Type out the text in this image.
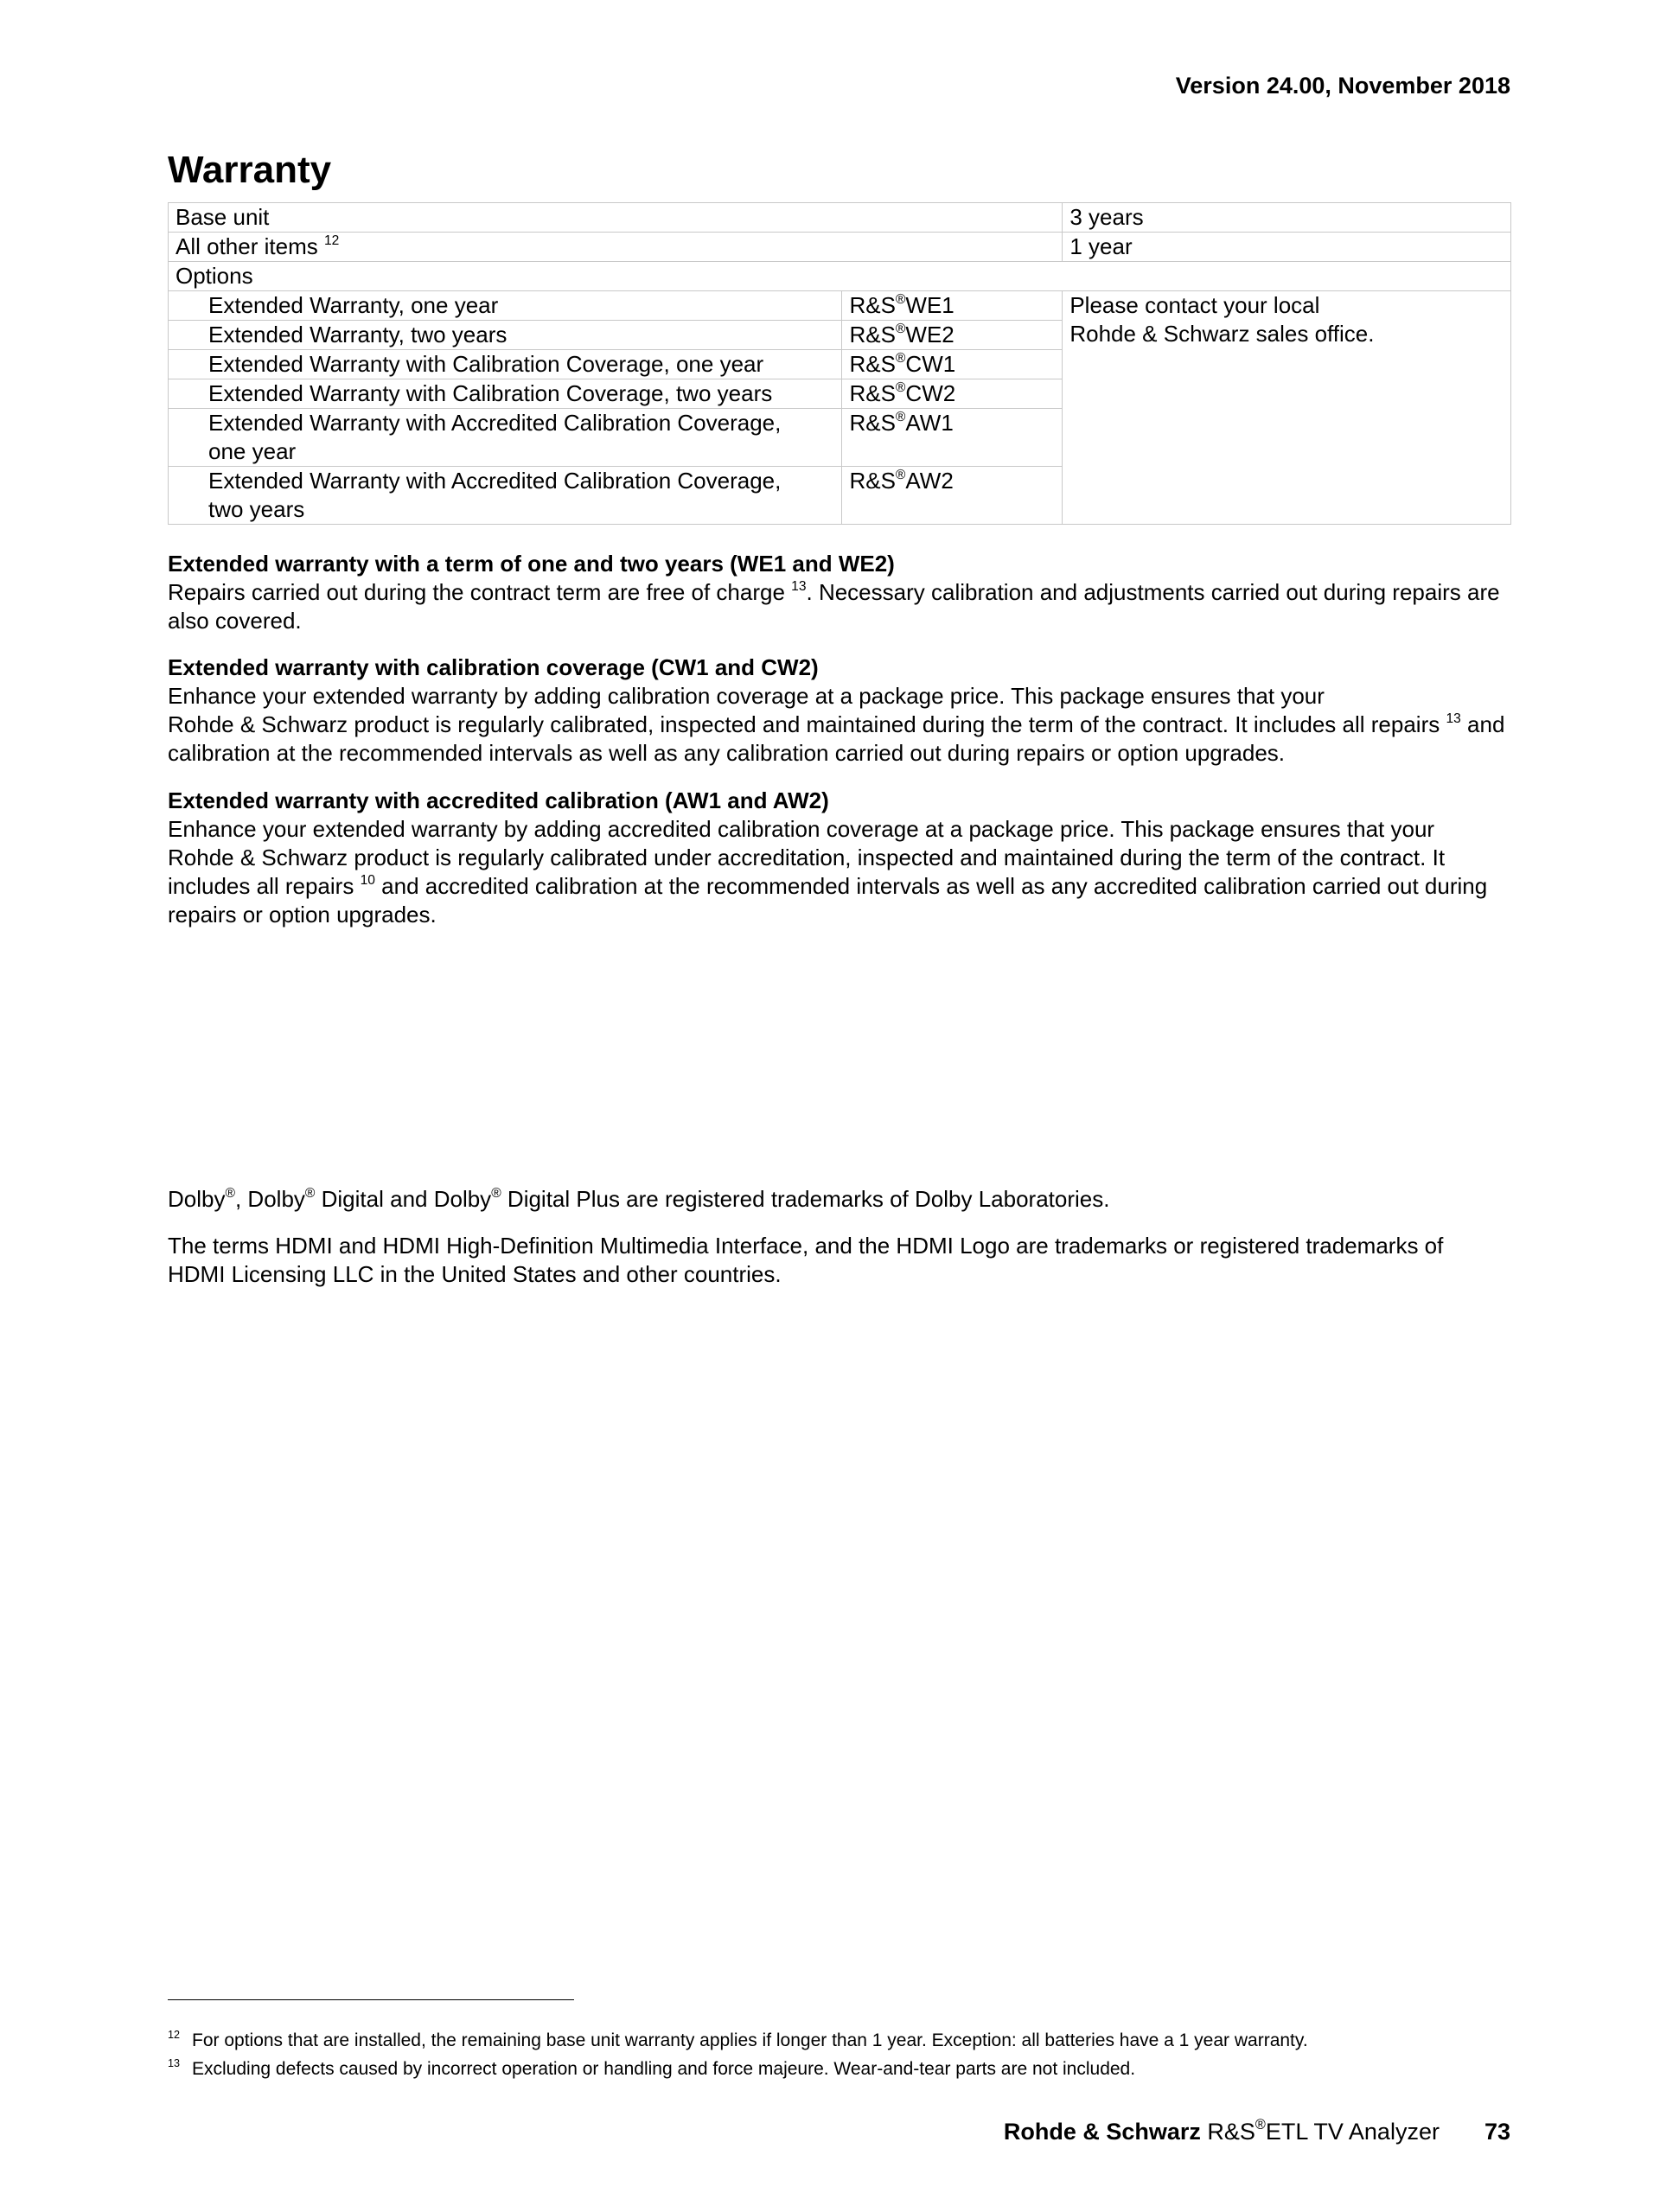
Version 24.00, November 2018
Warranty
Base unit		3 years
All other items $^{12}$		1 year
Options		
Extended Warranty, one year	R&S®WE1	Please contact your local
Rohde & Schwarz sales office.
Extended Warranty, two years	R&S®WE2	
Extended Warranty with Calibration Coverage, one year	R&S®CW1	
Extended Warranty with Calibration Coverage, two years	R&S®CW2	
Extended Warranty with Accredited Calibration Coverage,
one year	R&S®AW1	
Extended Warranty with Accredited Calibration Coverage,
two years	R&S®AW2	
Extended warranty with a term of one and two years (WE1 and WE2)
Repairs carried out during the contract term are free of charge $^{13}$. Necessary calibration and adjustments carried out during repairs are also covered.
Extended warranty with calibration coverage (CW1 and CW2)
Enhance your extended warranty by adding calibration coverage at a package price. This package ensures that your
Rohde & Schwarz product is regularly calibrated, inspected and maintained during the term of the contract. It includes all repairs $^{13}$ and calibration at the recommended intervals as well as any calibration carried out during repairs or option upgrades.
Extended warranty with accredited calibration (AW1 and AW2)
Enhance your extended warranty by adding accredited calibration coverage at a package price. This package ensures that your
Rohde & Schwarz product is regularly calibrated under accreditation, inspected and maintained during the term of the contract. It includes all repairs $^{10}$ and accredited calibration at the recommended intervals as well as any accredited calibration carried out during repairs or option upgrades.
Dolby®, Dolby® Digital and Dolby® Digital Plus are registered trademarks of Dolby Laboratories.
The terms HDMI and HDMI High-Definition Multimedia Interface, and the HDMI Logo are trademarks or registered trademarks of HDMI Licensing LLC in the United States and other countries.
$^{12}$ For options that are installed, the remaining base unit warranty applies if longer than 1 year. Exception: all batteries have a 1 year warranty.
$^{13}$ Excluding defects caused by incorrect operation or handling and force majeure. Wear-and-tear parts are not included.
Rohde & Schwarz R&S®ETL TV Analyzer 73
